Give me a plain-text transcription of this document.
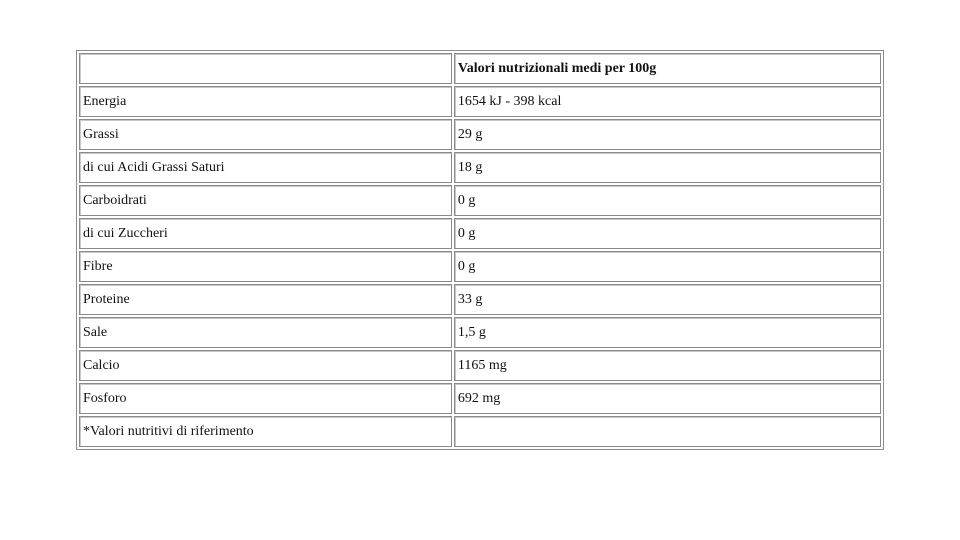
	Valori nutrizionali medi per 100g
Energia	1654 kJ - 398 kcal
Grassi	29 g
di cui Acidi Grassi Saturi	18 g
Carboidrati	0 g
di cui Zuccheri	0 g
Fibre	0 g
Proteine	33 g
Sale	1,5 g
Calcio	1165 mg
Fosforo	692 mg
*Valori nutritivi di riferimento	
